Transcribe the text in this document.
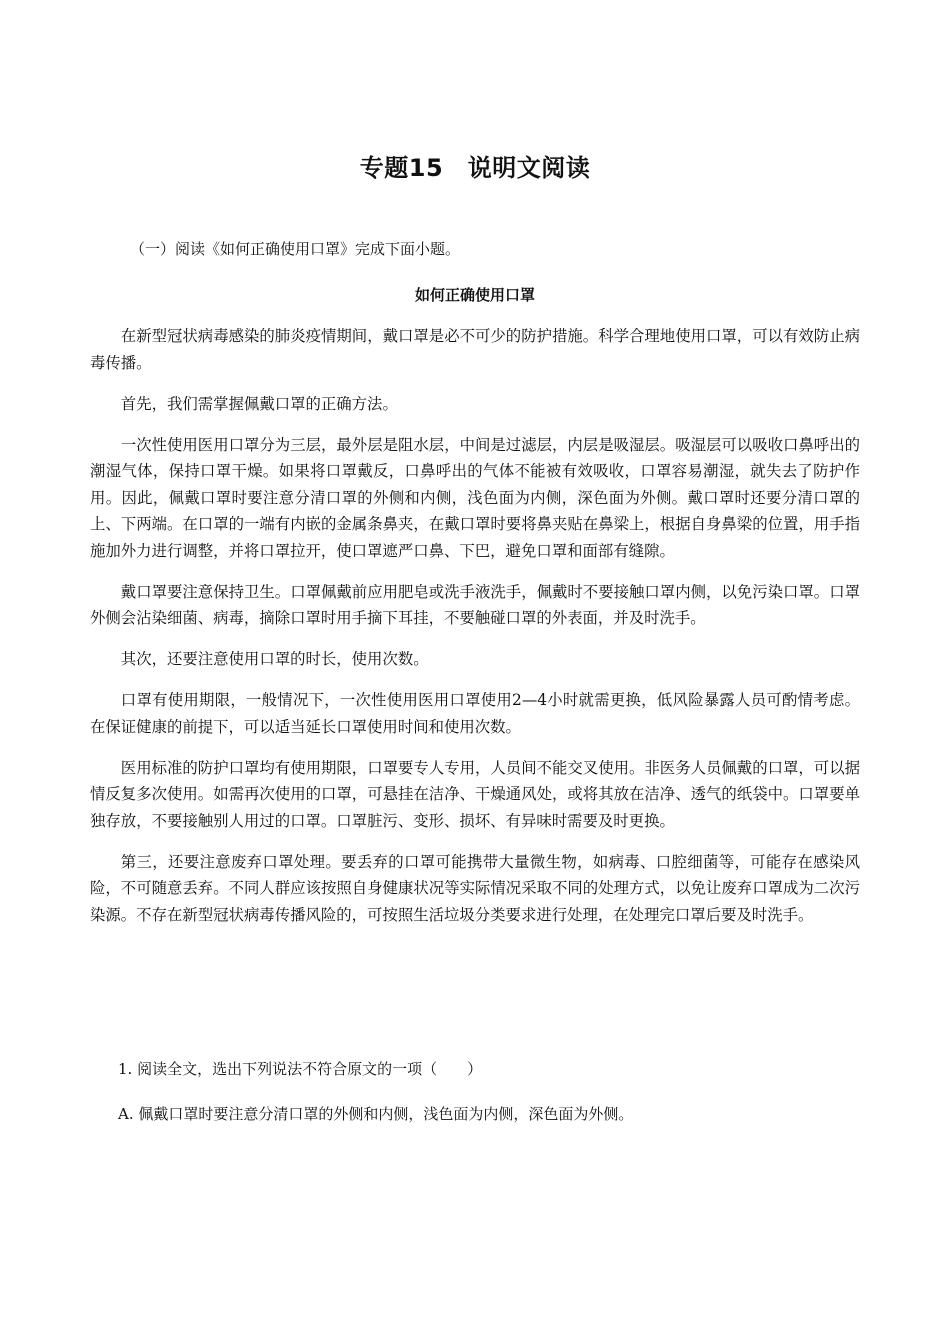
专题15　说明文阅读
（一）阅读《如何正确使用口罩》完成下面小题。
如何正确使用口罩

在新型冠状病毒感染的肺炎疫情期间，戴口罩是必不可少的防护措施。科学合理地使用口罩，可以有效防止病毒传播。

首先，我们需掌握佩戴口罩的正确方法。

一次性使用医用口罩分为三层，最外层是阻水层，中间是过滤层，内层是吸湿层。吸湿层可以吸收口鼻呼出的潮湿气体，保持口罩干燥。如果将口罩戴反，口鼻呼出的气体不能被有效吸收，口罩容易潮湿，就失去了防护作用。因此，佩戴口罩时要注意分清口罩的外侧和内侧，浅色面为内侧，深色面为外侧。戴口罩时还要分清口罩的上、下两端。在口罩的一端有内嵌的金属条鼻夹，在戴口罩时要将鼻夹贴在鼻梁上，根据自身鼻梁的位置，用手指施加外力进行调整，并将口罩拉开，使口罩遮严口鼻、下巴，避免口罩和面部有缝隙。

戴口罩要注意保持卫生。口罩佩戴前应用肥皂或洗手液洗手，佩戴时不要接触口罩内侧，以免污染口罩。口罩外侧会沾染细菌、病毒，摘除口罩时用手摘下耳挂，不要触碰口罩的外表面，并及时洗手。

其次，还要注意使用口罩的时长，使用次数。

口罩有使用期限，一般情况下，一次性使用医用口罩使用2—4小时就需更换，低风险暴露人员可酌情考虑。在保证健康的前提下，可以适当延长口罩使用时间和使用次数。

医用标准的防护口罩均有使用期限，口罩要专人专用，人员间不能交叉使用。非医务人员佩戴的口罩，可以据情反复多次使用。如需再次使用的口罩，可悬挂在洁净、干燥通风处，或将其放在洁净、透气的纸袋中。口罩要单独存放，不要接触别人用过的口罩。口罩脏污、变形、损坏、有异味时需要及时更换。

第三，还要注意废弃口罩处理。要丢弃的口罩可能携带大量微生物，如病毒、口腔细菌等，可能存在感染风险，不可随意丢弃。不同人群应该按照自身健康状况等实际情况采取不同的处理方式，以免让废弃口罩成为二次污染源。不存在新型冠状病毒传播风险的，可按照生活垃圾分类要求进行处理，在处理完口罩后要及时洗手。

1. 阅读全文，选出下列说法不符合原文的一项（　　）
A. 佩戴口罩时要注意分清口罩的外侧和内侧，浅色面为内侧，深色面为外侧。
